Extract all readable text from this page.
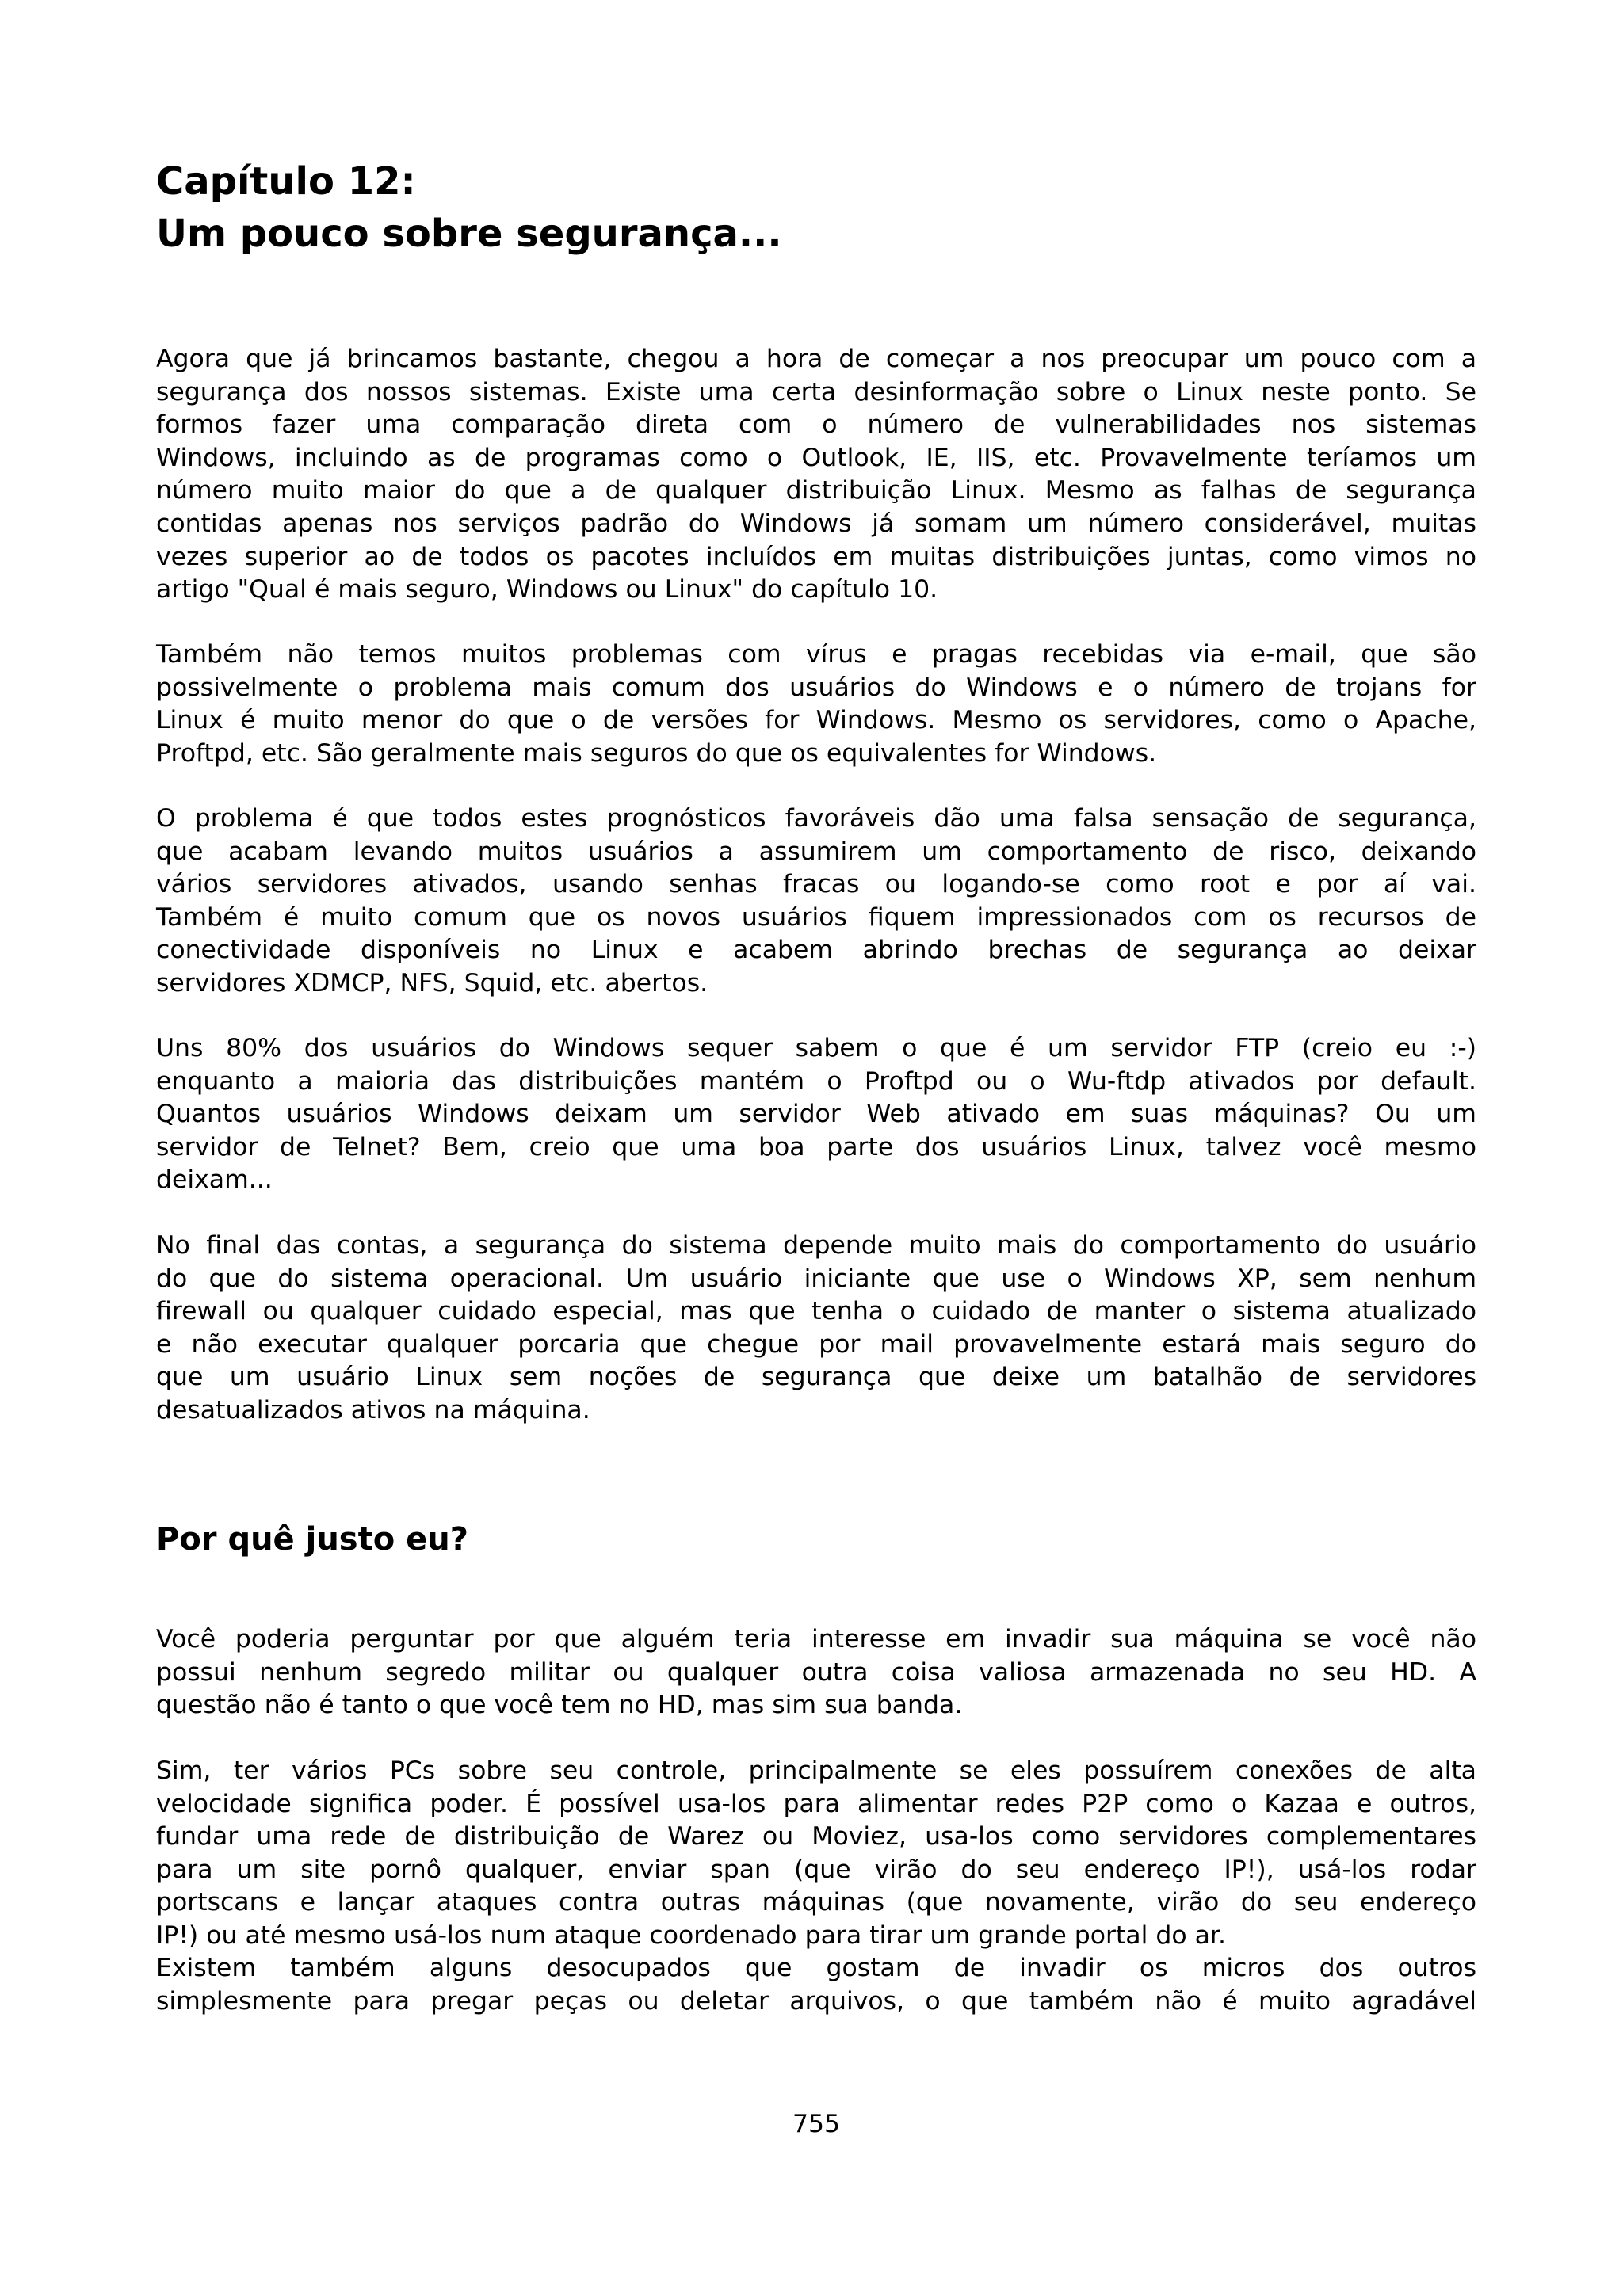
Capítulo 12:
Um pouco sobre segurança...
Agora que já brincamos bastante, chegou a hora de começar a nos preocupar um pouco com a
segurança dos nossos sistemas. Existe uma certa desinformação sobre o Linux neste ponto. Se
formos fazer uma comparação direta com o número de vulnerabilidades nos sistemas
Windows, incluindo as de programas como o Outlook, IE, IIS, etc. Provavelmente teríamos um
número muito maior do que a de qualquer distribuição Linux. Mesmo as falhas de segurança
contidas apenas nos serviços padrão do Windows já somam um número considerável, muitas
vezes superior ao de todos os pacotes incluídos em muitas distribuições juntas, como vimos no
artigo "Qual é mais seguro, Windows ou Linux" do capítulo 10.
Também não temos muitos problemas com vírus e pragas recebidas via e-mail, que são
possivelmente o problema mais comum dos usuários do Windows e o número de trojans for
Linux é muito menor do que o de versões for Windows. Mesmo os servidores, como o Apache,
Proftpd, etc. São geralmente mais seguros do que os equivalentes for Windows.
O problema é que todos estes prognósticos favoráveis dão uma falsa sensação de segurança,
que acabam levando muitos usuários a assumirem um comportamento de risco, deixando
vários servidores ativados, usando senhas fracas ou logando-se como root e por aí vai.
Também é muito comum que os novos usuários fiquem impressionados com os recursos de
conectividade disponíveis no Linux e acabem abrindo brechas de segurança ao deixar
servidores XDMCP, NFS, Squid, etc. abertos.
Uns 80% dos usuários do Windows sequer sabem o que é um servidor FTP (creio eu :-)
enquanto a maioria das distribuições mantém o Proftpd ou o Wu-ftdp ativados por default.
Quantos usuários Windows deixam um servidor Web ativado em suas máquinas? Ou um
servidor de Telnet? Bem, creio que uma boa parte dos usuários Linux, talvez você mesmo
deixam...
No final das contas, a segurança do sistema depende muito mais do comportamento do usuário
do que do sistema operacional. Um usuário iniciante que use o Windows XP, sem nenhum
firewall ou qualquer cuidado especial, mas que tenha o cuidado de manter o sistema atualizado
e não executar qualquer porcaria que chegue por mail provavelmente estará mais seguro do
que um usuário Linux sem noções de segurança que deixe um batalhão de servidores
desatualizados ativos na máquina.
Por quê justo eu?
Você poderia perguntar por que alguém teria interesse em invadir sua máquina se você não
possui nenhum segredo militar ou qualquer outra coisa valiosa armazenada no seu HD. A
questão não é tanto o que você tem no HD, mas sim sua banda.
Sim, ter vários PCs sobre seu controle, principalmente se eles possuírem conexões de alta
velocidade significa poder. É possível usa-los para alimentar redes P2P como o Kazaa e outros,
fundar uma rede de distribuição de Warez ou Moviez, usa-los como servidores complementares
para um site pornô qualquer, enviar span (que virão do seu endereço IP!), usá-los rodar
portscans e lançar ataques contra outras máquinas (que novamente, virão do seu endereço
IP!) ou até mesmo usá-los num ataque coordenado para tirar um grande portal do ar.
Existem também alguns desocupados que gostam de invadir os micros dos outros
simplesmente para pregar peças ou deletar arquivos, o que também não é muito agradável

755
